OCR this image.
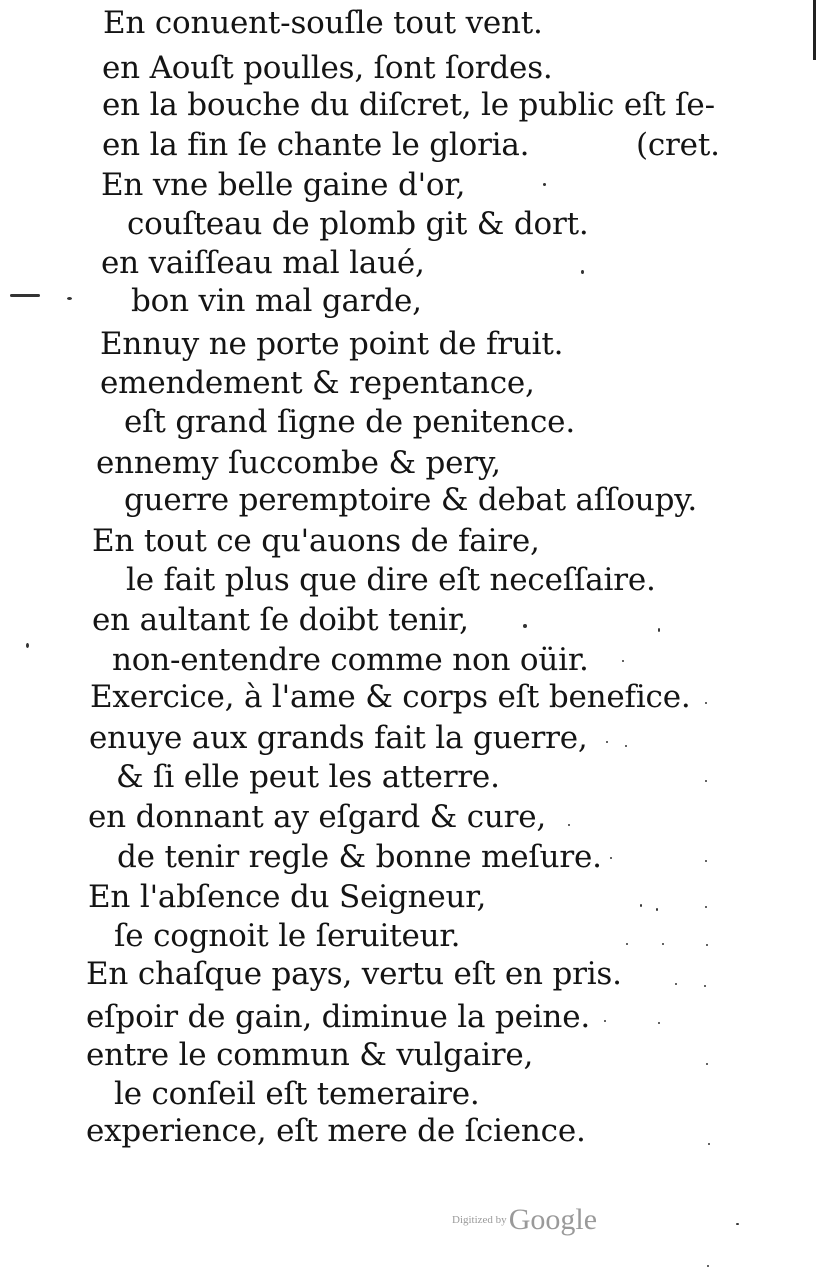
En conuent-souſle tout vent.
en Aouſt poulles, ſont ſordes.
en la bouche du diſcret, le public eſt ſe-
en la fin ſe chante le gloria.	(cret.
En vne belle gaine d'or,
couſteau de plomb git & dort.
en vaiſſeau mal laué,
bon vin mal garde,
Ennuy ne porte point de fruit.
emendement & repentance,
eſt grand ſigne de penitence.
ennemy ſuccombe & pery,
guerre peremptoire & debat aſſoupy.
En tout ce qu'auons de faire,
le fait plus que dire eſt neceſſaire.
en aultant ſe doibt tenir,
non-entendre comme non oüir.
Exercice, à l'ame & corps eſt benefice.
enuye aux grands fait la guerre,
& ſi elle peut les atterre.
en donnant ay eſgard & cure,
de tenir regle & bonne meſure.
En l'abſence du Seigneur,
ſe cognoit le ſeruiteur.
En chaſque pays, vertu eſt en pris.
eſpoir de gain, diminue la peine.
entre le commun & vulgaire,
le conſeil eſt temeraire.
experience, eſt mere de ſcience.
Digitized byGoogle
